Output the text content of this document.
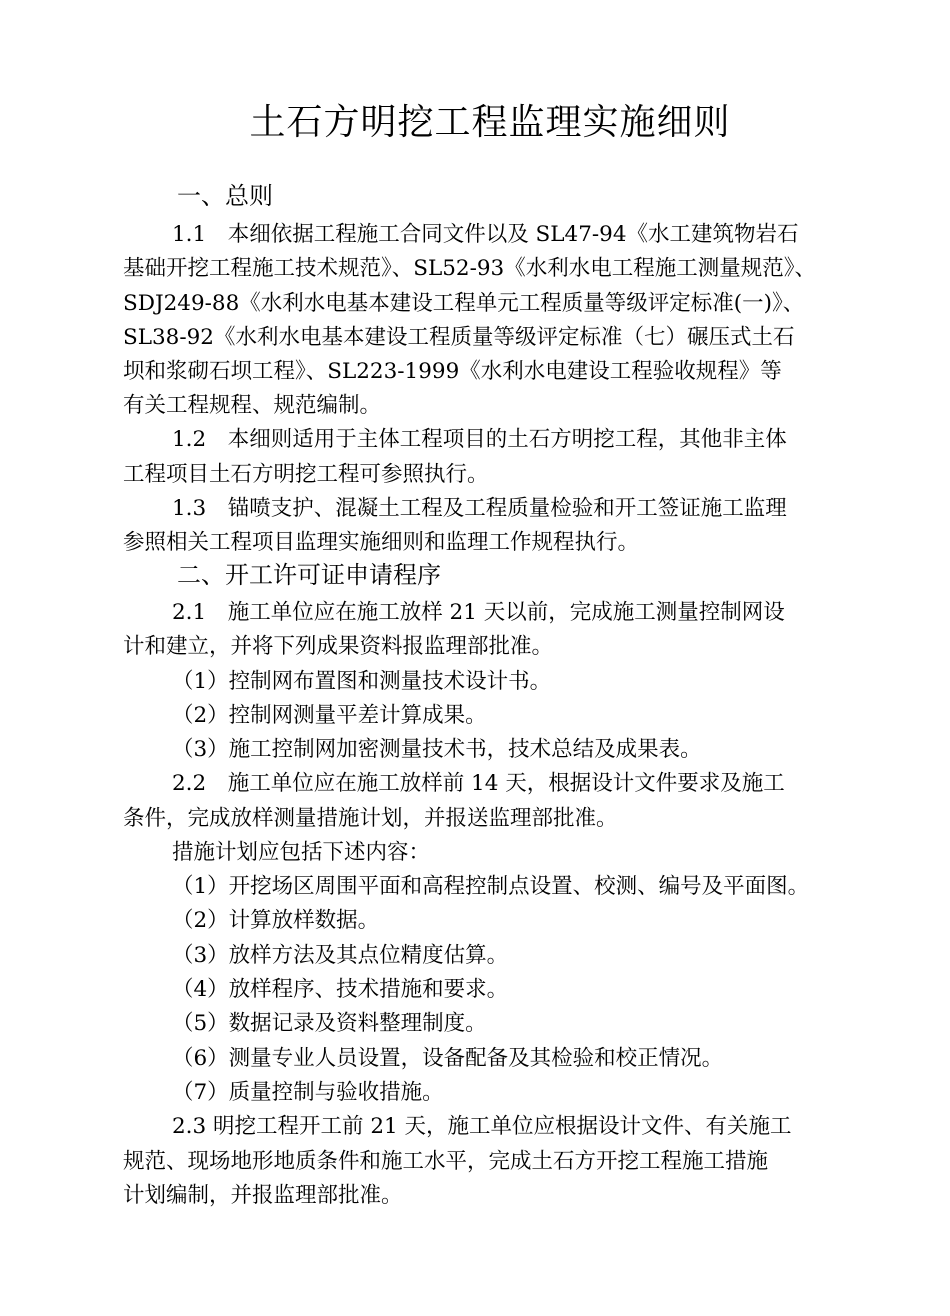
土石方明挖工程监理实施细则
一、总则
1.1　本细依据工程施工合同文件以及 SL47-94《水工建筑物岩石
基础开挖工程施工技术规范》、SL52-93《水利水电工程施工测量规范》、
SDJ249-88《水利水电基本建设工程单元工程质量等级评定标准(一)》、
SL38-92《水利水电基本建设工程质量等级评定标准（七）碾压式土石
坝和浆砌石坝工程》、SL223-1999《水利水电建设工程验收规程》等
有关工程规程、规范编制。
1.2　本细则适用于主体工程项目的土石方明挖工程，其他非主体
工程项目土石方明挖工程可参照执行。
1.3　锚喷支护、混凝土工程及工程质量检验和开工签证施工监理
参照相关工程项目监理实施细则和监理工作规程执行。
二、开工许可证申请程序
2.1　施工单位应在施工放样 21 天以前，完成施工测量控制网设
计和建立，并将下列成果资料报监理部批准。
（1）控制网布置图和测量技术设计书。
（2）控制网测量平差计算成果。
（3）施工控制网加密测量技术书，技术总结及成果表。
2.2　施工单位应在施工放样前 14 天，根据设计文件要求及施工
条件，完成放样测量措施计划，并报送监理部批准。
措施计划应包括下述内容：
（1）开挖场区周围平面和高程控制点设置、校测、编号及平面图。
（2）计算放样数据。
（3）放样方法及其点位精度估算。
（4）放样程序、技术措施和要求。
（5）数据记录及资料整理制度。
（6）测量专业人员设置，设备配备及其检验和校正情况。
（7）质量控制与验收措施。
2.3 明挖工程开工前 21 天，施工单位应根据设计文件、有关施工
规范、现场地形地质条件和施工水平，完成土石方开挖工程施工措施
计划编制，并报监理部批准。
